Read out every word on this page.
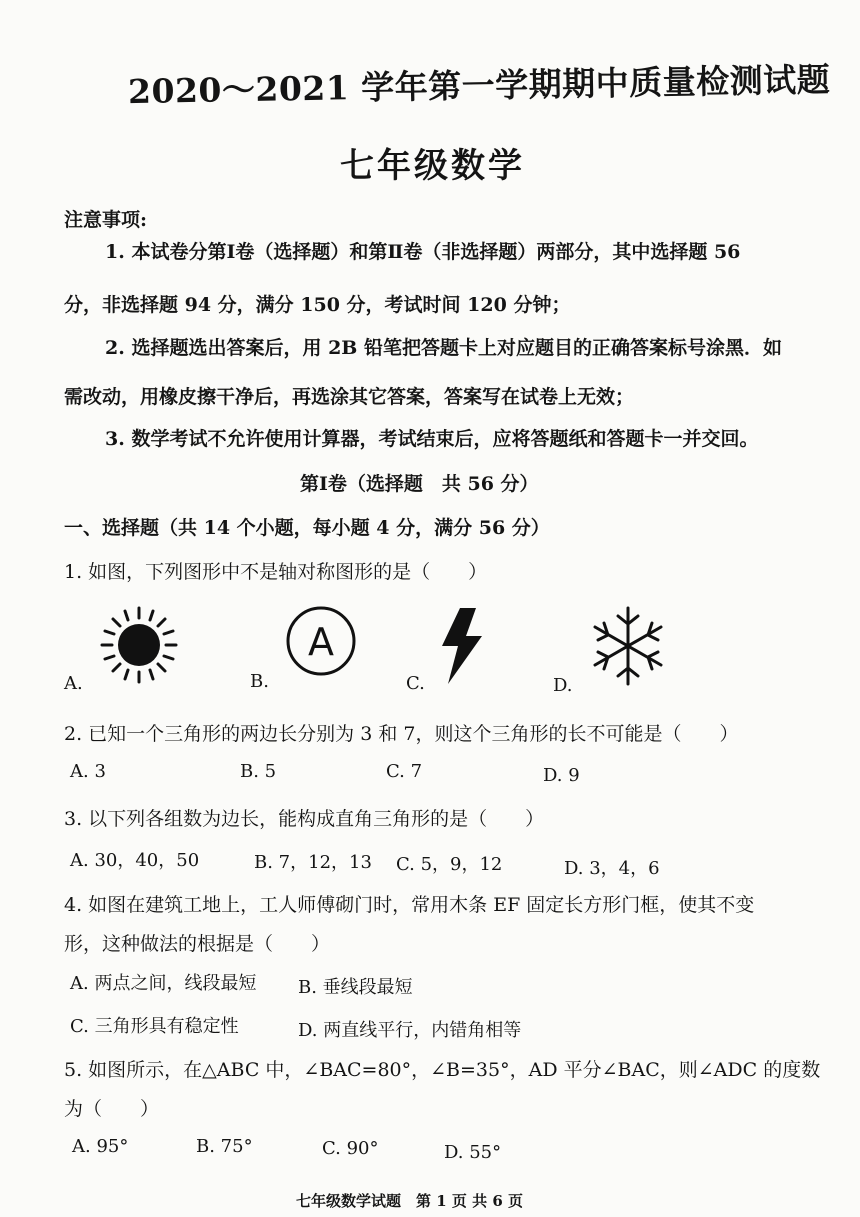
2020～2021 学年第一学期期中质量检测试题
七年级数学
注意事项:
1. 本试卷分第Ⅰ卷（选择题）和第Ⅱ卷（非选择题）两部分，其中选择题 56
分，非选择题 94 分，满分 150 分，考试时间 120 分钟；
2. 选择题选出答案后，用 2B 铅笔把答题卡上对应题目的正确答案标号涂黑．如
需改动，用橡皮擦干净后，再选涂其它答案，答案写在试卷上无效；
3. 数学考试不允许使用计算器，考试结束后，应将答题纸和答题卡一并交回。
第Ⅰ卷（选择题　共 56 分）
一、选择题（共 14 个小题，每小题 4 分，满分 56 分）
1. 如图，下列图形中不是轴对称图形的是（　　）
A
A.	B.	C.	D.
2. 已知一个三角形的两边长分别为 3 和 7，则这个三角形的长不可能是（　　）
A. 3	B. 5	C. 7	D. 9
3. 以下列各组数为边长，能构成直角三角形的是（　　）
A. 30，40，50	B. 7，12，13 C. 5，9，12	D. 3，4，6
4. 如图在建筑工地上，工人师傅砌门时，常用木条 EF 固定长方形门框，使其不变
形，这种做法的根据是（　　）
A. 两点之间，线段最短 B. 垂线段最短
C. 三角形具有稳定性	D. 两直线平行，内错角相等
5. 如图所示，在△ABC 中，∠BAC=80°，∠B=35°，AD 平分∠BAC，则∠ADC 的度数
为（　　）
A. 95°	B. 75°	C. 90°	D. 55°
七年级数学试题　第 1 页 共 6 页
